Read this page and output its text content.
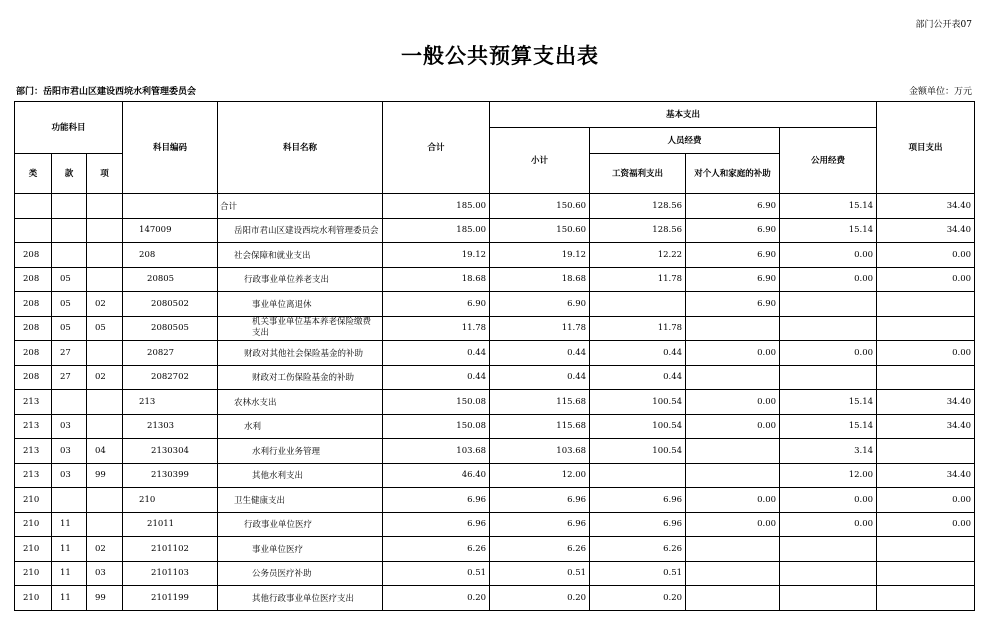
部门公开表07
一般公共预算支出表
部门：岳阳市君山区建设西垸水利管理委员会	金额单位：万元
功能科目			科目编码	科目名称	合计	基本支出				项目支出
						小计	人员经费		公用经费	
类	款	项					工资福利支出	对个人和家庭的补助		
				合计	185.00	150.60	128.56	6.90	15.14	34.40
			147009	岳阳市君山区建设西垸水利管理委员会	185.00	150.60	128.56	6.90	15.14	34.40
208			208	社会保障和就业支出	19.12	19.12	12.22	6.90	0.00	0.00
208	05		20805	行政事业单位养老支出	18.68	18.68	11.78	6.90	0.00	0.00
208	05	02	2080502	事业单位离退休	6.90	6.90		6.90		
208	05	05	2080505	机关事业单位基本养老保险缴费支出	11.78	11.78	11.78			
208	27		20827	财政对其他社会保险基金的补助	0.44	0.44	0.44	0.00	0.00	0.00
208	27	02	2082702	财政对工伤保险基金的补助	0.44	0.44	0.44			
213			213	农林水支出	150.08	115.68	100.54	0.00	15.14	34.40
213	03		21303	水利	150.08	115.68	100.54	0.00	15.14	34.40
213	03	04	2130304	水利行业业务管理	103.68	103.68	100.54		3.14	
213	03	99	2130399	其他水利支出	46.40	12.00			12.00	34.40
210			210	卫生健康支出	6.96	6.96	6.96	0.00	0.00	0.00
210	11		21011	行政事业单位医疗	6.96	6.96	6.96	0.00	0.00	0.00
210	11	02	2101102	事业单位医疗	6.26	6.26	6.26			
210	11	03	2101103	公务员医疗补助	0.51	0.51	0.51			
210	11	99	2101199	其他行政事业单位医疗支出	0.20	0.20	0.20			
